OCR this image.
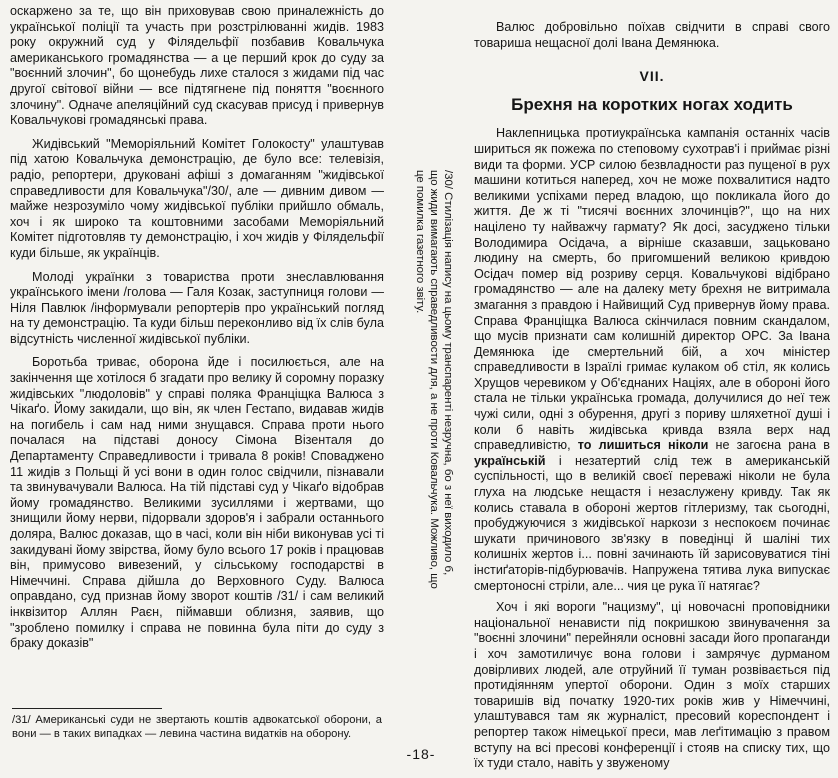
оскаржено за те, що він приховував свою приналежність до української поліції та участь при розстрілюванні жидів. 1983 року окружний суд у Філядельфії позбавив Ковальчука американського громадянства — а це перший крок до суду за "воєнний злочин", бо щонебудь лихе сталося з жидами під час другої світової війни — все підтягнене під поняття "воєнного злочину". Одначе апеляційний суд скасував присуд і привернув Ковальчукові громадянські права.

Жидівський "Меморіяльний Комітет Голокосту" улаштував під хатою Ковальчука демонстрацію, де було все: телевізія, радіо, репортери, друковані афіші з домаганням "жидівської справедливости для Ковальчука"/30/, але — дивним дивом — майже незрозуміло чому жидівської публіки прийшло обмаль, хоч і як широко та коштовними засобами Меморіяльний Комітет підготовляв ту демонстрацію, і хоч жидів у Філядельфії куди більше, як українців.

Молоді українки з товариства проти знеславлювання українського імени /голова — Галя Козак, заступниця голови — Ніля Павлюк /інформували репортерів про український погляд на ту демонстрацію. Та куди більш переконливо від їх слів була відсутність численної жидівської публіки.

Боротьба триває, оборона йде і посилюється, але на закінчення ще хотілося б згадати про велику й соромну поразку жидівських "людоловів" у справі поляка Франціщка Валюса з Чікаґо. Йому закидали, що він, як член Гестапо, видавав жидів на погибель і сам над ними знущався. Справа проти нього почалася на підставі доносу Сімона Візенталя до Департаменту Справедливости і тривала 8 років! Споваджено 11 жидів з Польщі й усі вони в один голос свідчили, пізнавали та звинувачували Валюса. На тій підставі суд у Чікаґо відобрав йому громадянство. Великими зусиллями і жертвами, що знищили йому нерви, підорвали здоров'я і забрали останнього доляра, Валюс доказав, що в часі, коли він ніби виконував усі ті закидувані йому звірства, йому було всього 17 років і працював він, примусово вивезений, у сільському господарстві в Німеччині. Справа дійшла до Верховного Суду. Валюса оправдано, суд признав йому зворот коштів /31/ і сам великий інквізитор Аллян Раєн, піймавши облизня, заявив, що "зроблено помилку і справа не повинна була піти до суду з браку доказів"

/31/ Американські суди не звертають коштів адвокатської оборони, а вони — в таких випадках — левина частина видатків на оборону.

/30/ Стилізація напису на цьому транспаренті незручна, бо з неї виходило б, що жиди вимагають справедливости для, а не проти Ковальчука. Можливо, що це помилка газетного звіту.

Валюс добровільно поїхав свідчити в справі свого товариша нещасної долі Івана Демянюка.

VII.
Брехня на коротких ногах ходить

Наклепницька протиукраїнська кампанія останніх часів шириться як пожежа по степовому сухотрав'і і приймає різні види та форми. УСР силою безвладности раз пущеної в рух машини котиться наперед, хоч не може похвалитися надто великими успіхами перед владою, що покликала його до життя. Де ж ті "тисячі воєнних злочинців?", що на них націлено ту найважчу гармату? Як досі, засуджено тільки Володимира Осідача, а вірніше сказавши, зацьковано людину на смерть, бо пригомшений великою кривдою Осідач помер від розриву серця. Ковальчукові відібрано громадянство — але на далеку мету брехня не витримала змагання з правдою і Найвищий Суд привернув йому права. Справа Франціщка Валюса скінчилася повним скандалом, що мусів признати сам колишній директор ОРС. За Івана Демянюка іде смертельний бій, а хоч міністер справедливости в Ізраїлі гримає кулаком об стіл, як колись Хрущов черевиком у Об'єднаних Націях, але в обороні його стала не тільки українська громада, долучилися до неї теж чужі сили, одні з обурення, другі з пориву шляхетної душі і коли б навіть жидівська кривда взяла верх над справедливістю, то лишиться ніколи не загоєна рана в українській і незатертий слід теж в американській суспільності, що в великій своєї переважі ніколи не була глуха на людське нещастя і незаслужену кривду. Так як колись ставала в обороні жертов гітлеризму, так сьогодні, пробуджуючися з жидівської наркози з неспокоєм починає шукати причинового зв'язку в поведінці й шаліні тих колишніх жертов і... повні зачинають їй зарисовуватися тіні інстиґаторів-підбурювачів. Напружена тятива лука випускає смертоносні стріли, але... чия це рука її натягає?

Хоч і які вороги "нацизму", ці новочасні проповідники національної ненависти під покришкою звинувачення за "воєнні злочини" перейняли основні засади його пропаганди і хоч замотиличує вона голови і замрячує дурманом довірливих людей, але отруйний її туман розвівається під протидіянням упертої оборони. Один з моїх старших товаришів від початку 1920-тих років жив у Німеччині, улаштувався там як журналіст, пресовий кореспондент і репортер також німецької преси, мав леґітимацію з правом вступу на всі пресові конференції і стояв на списку тих, що їх туди стало, навіть у звуженому

-18-
